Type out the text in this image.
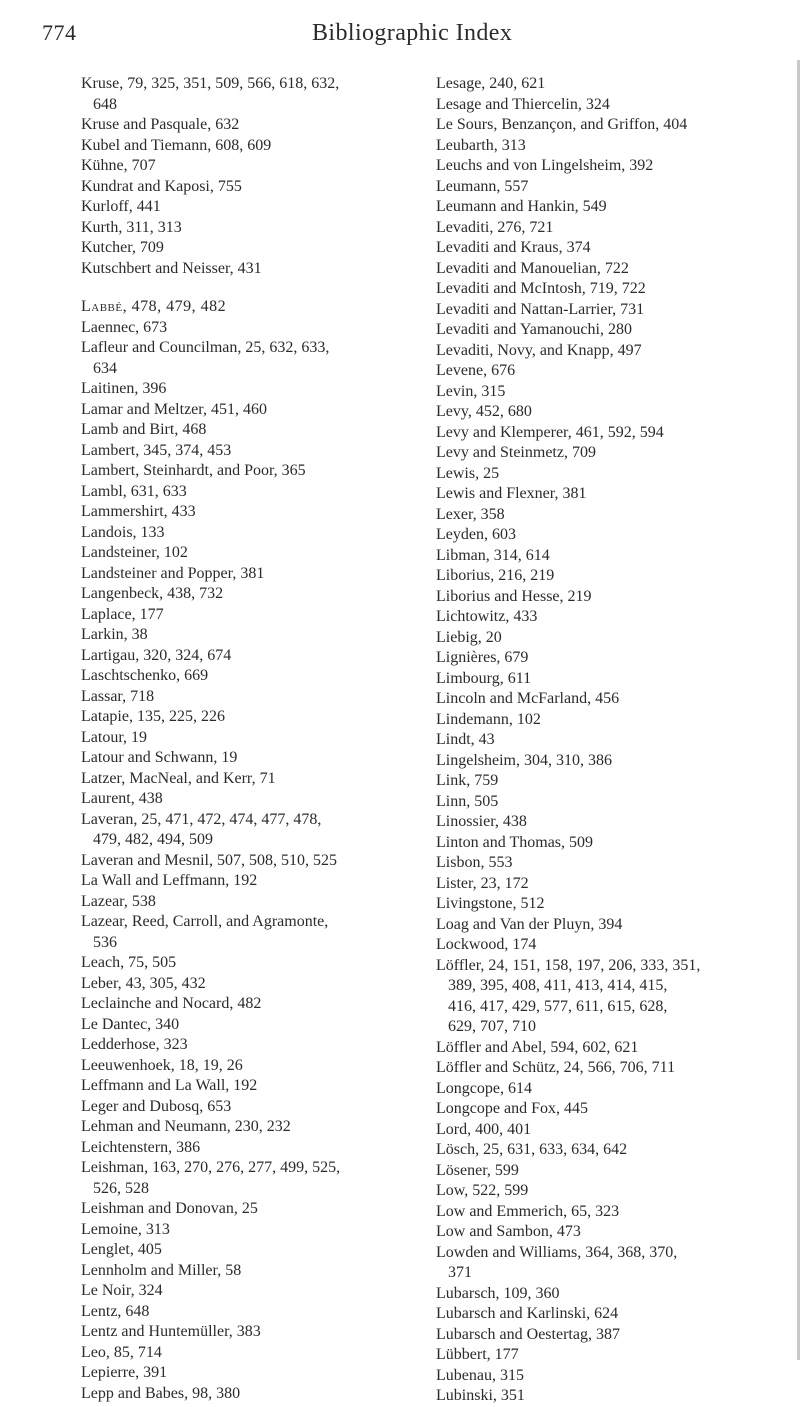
774	Bibliographic Index
Kruse, 79, 325, 351, 509, 566, 618, 632,
648
Kruse and Pasquale, 632
Kubel and Tiemann, 608, 609
Kühne, 707
Kundrat and Kaposi, 755
Kurloff, 441
Kurth, 311, 313
Kutcher, 709
Kutschbert and Neisser, 431
Labbé, 478, 479, 482
Laennec, 673
Lafleur and Councilman, 25, 632, 633,
634
Laitinen, 396
Lamar and Meltzer, 451, 460
Lamb and Birt, 468
Lambert, 345, 374, 453
Lambert, Steinhardt, and Poor, 365
Lambl, 631, 633
Lammershirt, 433
Landois, 133
Landsteiner, 102
Landsteiner and Popper, 381
Langenbeck, 438, 732
Laplace, 177
Larkin, 38
Lartigau, 320, 324, 674
Laschtschenko, 669
Lassar, 718
Latapie, 135, 225, 226
Latour, 19
Latour and Schwann, 19
Latzer, MacNeal, and Kerr, 71
Laurent, 438
Laveran, 25, 471, 472, 474, 477, 478,
479, 482, 494, 509
Laveran and Mesnil, 507, 508, 510, 525
La Wall and Leffmann, 192
Lazear, 538
Lazear, Reed, Carroll, and Agramonte,
536
Leach, 75, 505
Leber, 43, 305, 432
Leclainche and Nocard, 482
Le Dantec, 340
Ledderhose, 323
Leeuwenhoek, 18, 19, 26
Leffmann and La Wall, 192
Leger and Dubosq, 653
Lehman and Neumann, 230, 232
Leichtenstern, 386
Leishman, 163, 270, 276, 277, 499, 525,
526, 528
Leishman and Donovan, 25
Lemoine, 313
Lenglet, 405
Lennholm and Miller, 58
Le Noir, 324
Lentz, 648
Lentz and Huntemüller, 383
Leo, 85, 714
Lepierre, 391
Lepp and Babes, 98, 380
Lesage, 240, 621
Lesage and Thiercelin, 324
Le Sours, Benzançon, and Griffon, 404
Leubarth, 313
Leuchs and von Lingelsheim, 392
Leumann, 557
Leumann and Hankin, 549
Levaditi, 276, 721
Levaditi and Kraus, 374
Levaditi and Manouelian, 722
Levaditi and McIntosh, 719, 722
Levaditi and Nattan-Larrier, 731
Levaditi and Yamanouchi, 280
Levaditi, Novy, and Knapp, 497
Levene, 676
Levin, 315
Levy, 452, 680
Levy and Klemperer, 461, 592, 594
Levy and Steinmetz, 709
Lewis, 25
Lewis and Flexner, 381
Lexer, 358
Leyden, 603
Libman, 314, 614
Liborius, 216, 219
Liborius and Hesse, 219
Lichtowitz, 433
Liebig, 20
Lignières, 679
Limbourg, 611
Lincoln and McFarland, 456
Lindemann, 102
Lindt, 43
Lingelsheim, 304, 310, 386
Link, 759
Linn, 505
Linossier, 438
Linton and Thomas, 509
Lisbon, 553
Lister, 23, 172
Livingstone, 512
Loag and Van der Pluyn, 394
Lockwood, 174
Löffler, 24, 151, 158, 197, 206, 333, 351,
389, 395, 408, 411, 413, 414, 415,
416, 417, 429, 577, 611, 615, 628,
629, 707, 710
Löffler and Abel, 594, 602, 621
Löffler and Schütz, 24, 566, 706, 711
Longcope, 614
Longcope and Fox, 445
Lord, 400, 401
Lösch, 25, 631, 633, 634, 642
Lösener, 599
Low, 522, 599
Low and Emmerich, 65, 323
Low and Sambon, 473
Lowden and Williams, 364, 368, 370,
371
Lubarsch, 109, 360
Lubarsch and Karlinski, 624
Lubarsch and Oestertag, 387
Lübbert, 177
Lubenau, 315
Lubinski, 351
